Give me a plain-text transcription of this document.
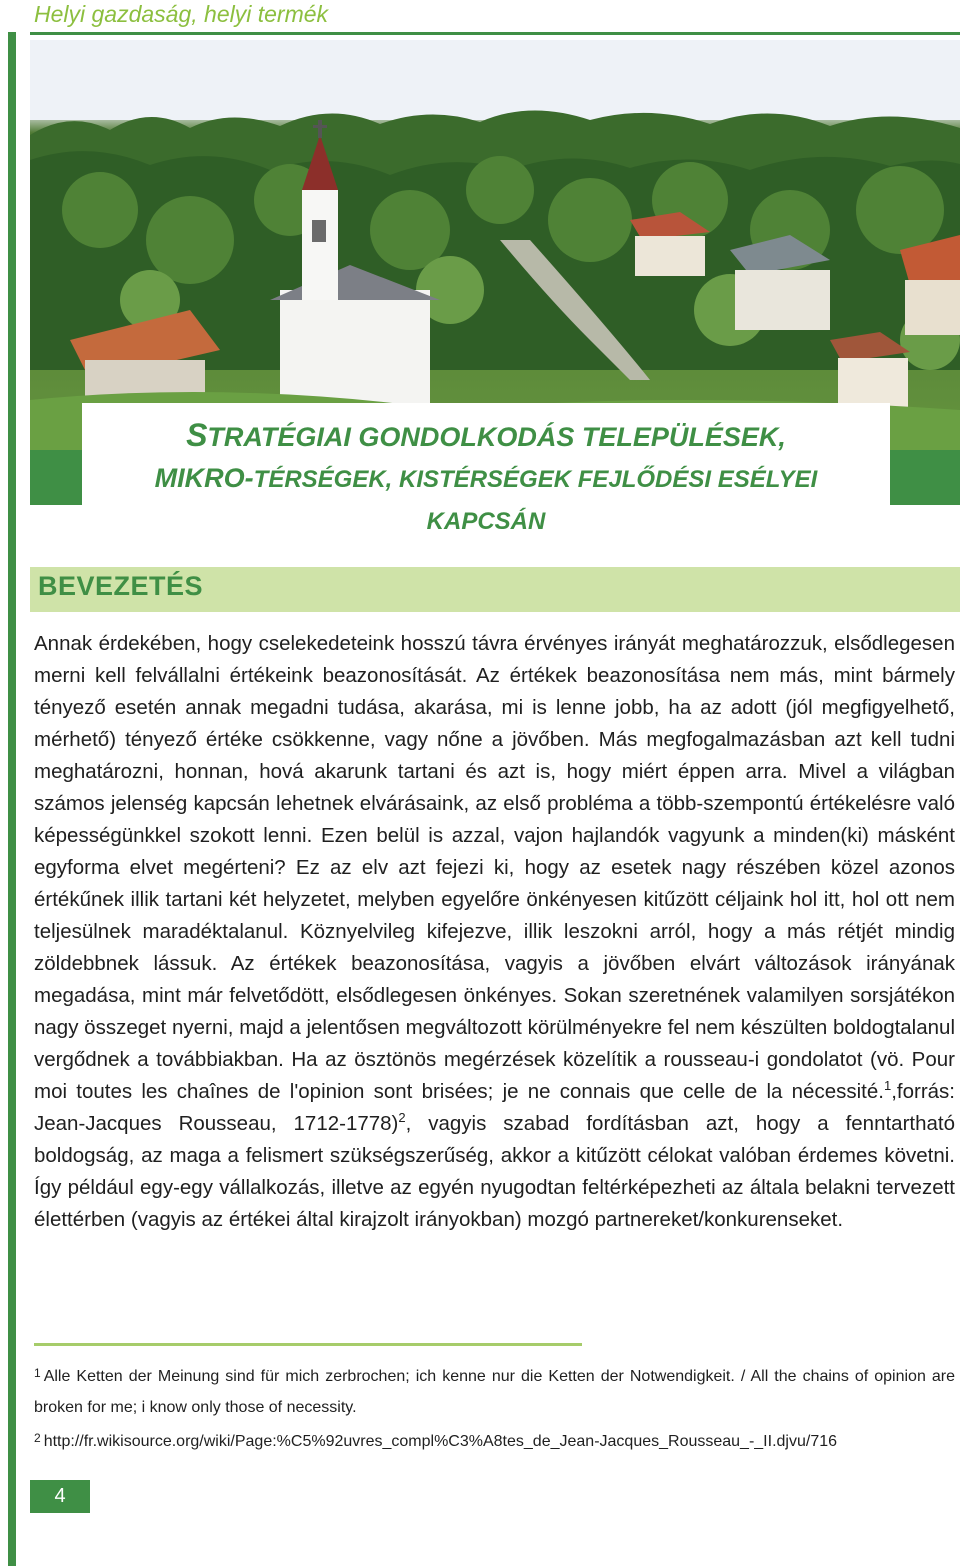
Helyi gazdaság, helyi termék
STRATÉGIAI GONDOLKODÁS TELEPÜLÉSEK,
MIKRO-TÉRSÉGEK, KISTÉRSÉGEK FEJLŐDÉSI ESÉLYEI
KAPCSÁN
BEVEZETÉS

Annak érdekében, hogy cselekedeteink hosszú távra érvényes irányát meghatározzuk, elsődlegesen merni kell felvállalni értékeink beazonosítását. Az értékek beazonosítása nem más, mint bármely tényező esetén annak megadni tudása, akarása, mi is lenne jobb, ha az adott (jól megfigyelhető, mérhető) tényező értéke csökkenne, vagy nőne a jövőben. Más megfogalmazásban azt kell tudni meghatározni, honnan, hová akarunk tartani és azt is, hogy miért éppen arra. Mivel a világban számos jelenség kapcsán lehetnek elvárásaink, az első probléma a több-szempontú értékelésre való képességünkkel szokott lenni. Ezen belül is azzal, vajon hajlandók vagyunk a minden(ki) másként egyforma elvet megérteni? Ez az elv azt fejezi ki, hogy az esetek nagy részében közel azonos értékűnek illik tartani két helyzetet, melyben egyelőre önkényesen kitűzött céljaink hol itt, hol ott nem teljesülnek maradéktalanul. Köznyelvileg kifejezve, illik leszokni arról, hogy a más rétjét mindig zöldebbnek lássuk. Az értékek beazonosítása, vagyis a jövőben elvárt változások irányának megadása, mint már felvetődött, elsődlegesen önkényes. Sokan szeretnének valamilyen sorsjátékon nagy összeget nyerni, majd a jelentősen megváltozott körülményekre fel nem készülten boldogtalanul vergődnek a továbbiakban. Ha az ösztönös megérzések közelítik a rousseau-i gondolatot (vö. Pour moi toutes les chaînes de l'opinion sont brisées; je ne connais que celle de la nécessité.$^1$,forrás: Jean-Jacques Rousseau, 1712-1778)$^2$, vagyis szabad fordításban azt, hogy a fenntartható boldogság, az maga a felismert szükségszerűség, akkor a kitűzött célokat valóban érdemes követni. Így például egy-egy vállalkozás, illetve az egyén nyugodtan feltérképezheti az általa belakni tervezett élettérben (vagyis az értékei által kirajzolt irányokban) mozgó partnereket/konkurenseket.

$^1$ Alle Ketten der Meinung sind für mich zerbrochen; ich kenne nur die Ketten der Notwendigkeit. / All the chains of opinion are broken for me; i know only those of necessity.

$^2$ http://fr.wikisource.org/wiki/Page:%C5%92uvres_compl%C3%A8tes_de_Jean-Jacques_Rousseau_-_II.djvu/716

4
